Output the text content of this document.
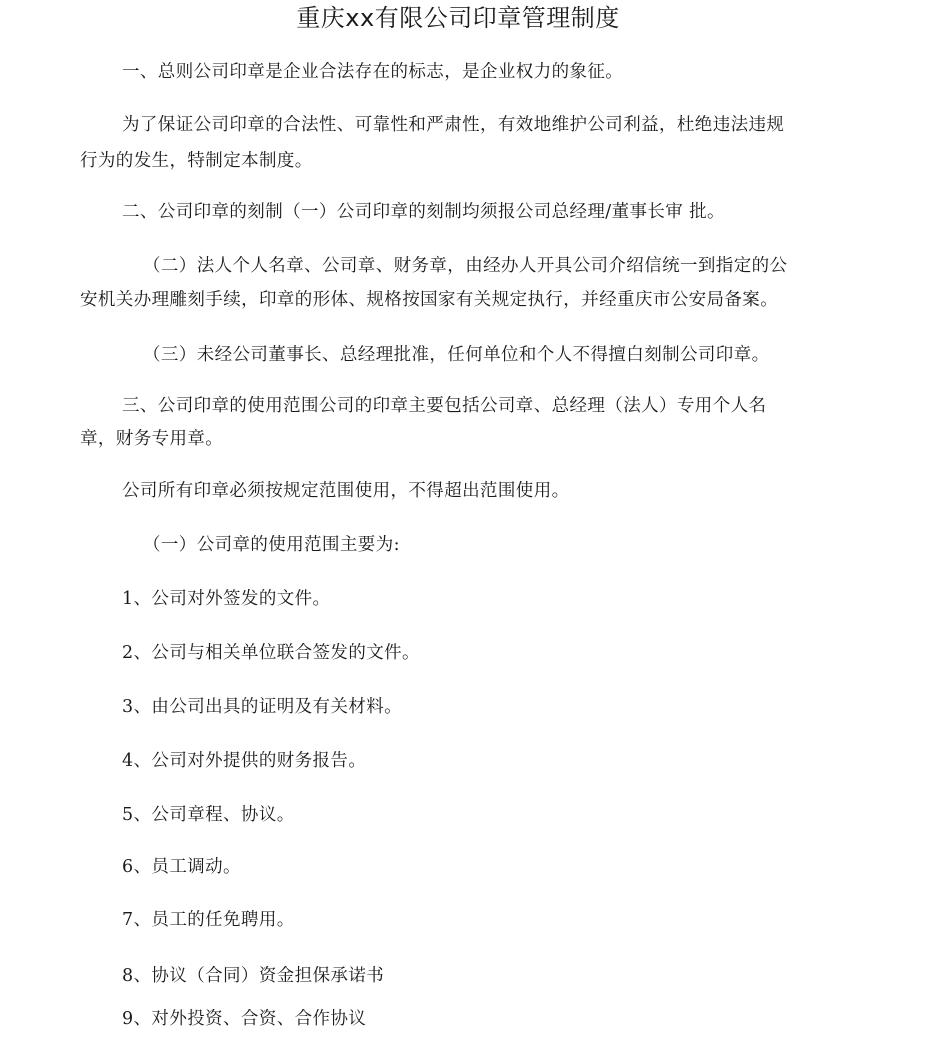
重庆xx有限公司印章管理制度
一、总则公司印章是企业合法存在的标志，是企业权力的象征。
为了保证公司印章的合法性、可靠性和严肃性，有效地维护公司利益，杜绝违法违规
行为的发生，特制定本制度。
二、公司印章的刻制（一）公司印章的刻制均须报公司总经理/董事长审 批。
（二）法人个人名章、公司章、财务章，由经办人开具公司介绍信统一到指定的公
安机关办理雕刻手续，印章的形体、规格按国家有关规定执行，并经重庆市公安局备案。
（三）未经公司董事长、总经理批准，任何单位和个人不得擅白刻制公司印章。
三、公司印章的使用范围公司的印章主要包括公司章、总经理（法人）专用个人名
章，财务专用章。
公司所有印章必须按规定范围使用，不得超出范围使用。
（一）公司章的使用范围主要为:
1、公司对外签发的文件。
2、公司与相关单位联合签发的文件。
3、由公司出具的证明及有关材料。
4、公司对外提供的财务报告。
5、公司章程、协议。
6、员工调动。
7、员工的任免聘用。
8、协议（合同）资金担保承诺书
9、对外投资、合资、合作协议
